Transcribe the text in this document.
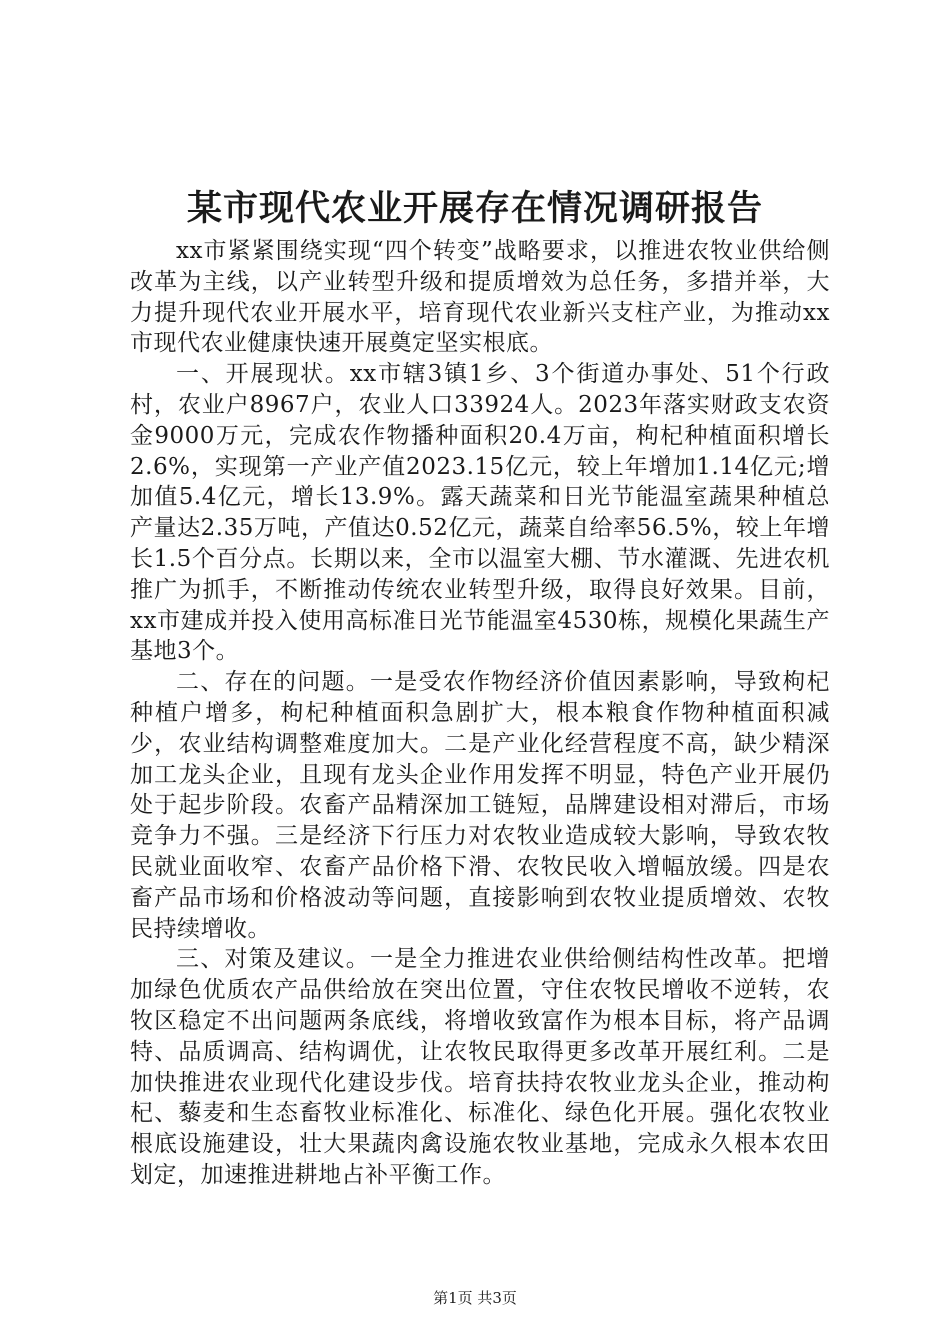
某市现代农业开展存在情况调研报告

xx市紧紧围绕实现“四个转变”战略要求，以推进农牧业供给侧改革为主线，以产业转型升级和提质增效为总任务，多措并举，大力提升现代农业开展水平，培育现代农业新兴支柱产业，为推动xx市现代农业健康快速开展奠定坚实根底。

一、开展现状。xx市辖3镇1乡、3个街道办事处、51个行政村，农业户8967户，农业人口33924人。2023年落实财政支农资金9000万元，完成农作物播种面积20.4万亩，枸杞种植面积增长2.6%，实现第一产业产值2023.15亿元，较上年增加1.14亿元;增加值5.4亿元，增长13.9%。露天蔬菜和日光节能温室蔬果种植总产量达2.35万吨，产值达0.52亿元，蔬菜自给率56.5%，较上年增长1.5个百分点。长期以来，全市以温室大棚、节水灌溉、先进农机推广为抓手，不断推动传统农业转型升级，取得良好效果。目前，xx市建成并投入使用高标准日光节能温室4530栋，规模化果蔬生产基地3个。

二、存在的问题。一是受农作物经济价值因素影响，导致枸杞种植户增多，枸杞种植面积急剧扩大，根本粮食作物种植面积减少，农业结构调整难度加大。二是产业化经营程度不高，缺少精深加工龙头企业，且现有龙头企业作用发挥不明显，特色产业开展仍处于起步阶段。农畜产品精深加工链短，品牌建设相对滞后，市场竞争力不强。三是经济下行压力对农牧业造成较大影响，导致农牧民就业面收窄、农畜产品价格下滑、农牧民收入增幅放缓。四是农畜产品市场和价格波动等问题，直接影响到农牧业提质增效、农牧民持续增收。

三、对策及建议。一是全力推进农业供给侧结构性改革。把增加绿色优质农产品供给放在突出位置，守住农牧民增收不逆转，农牧区稳定不出问题两条底线，将增收致富作为根本目标，将产品调特、品质调高、结构调优，让农牧民取得更多改革开展红利。二是加快推进农业现代化建设步伐。培育扶持农牧业龙头企业，推动枸杞、藜麦和生态畜牧业标准化、标准化、绿色化开展。强化农牧业根底设施建设，壮大果蔬肉禽设施农牧业基地，完成永久根本农田划定，加速推进耕地占补平衡工作。

第1页 共3页
